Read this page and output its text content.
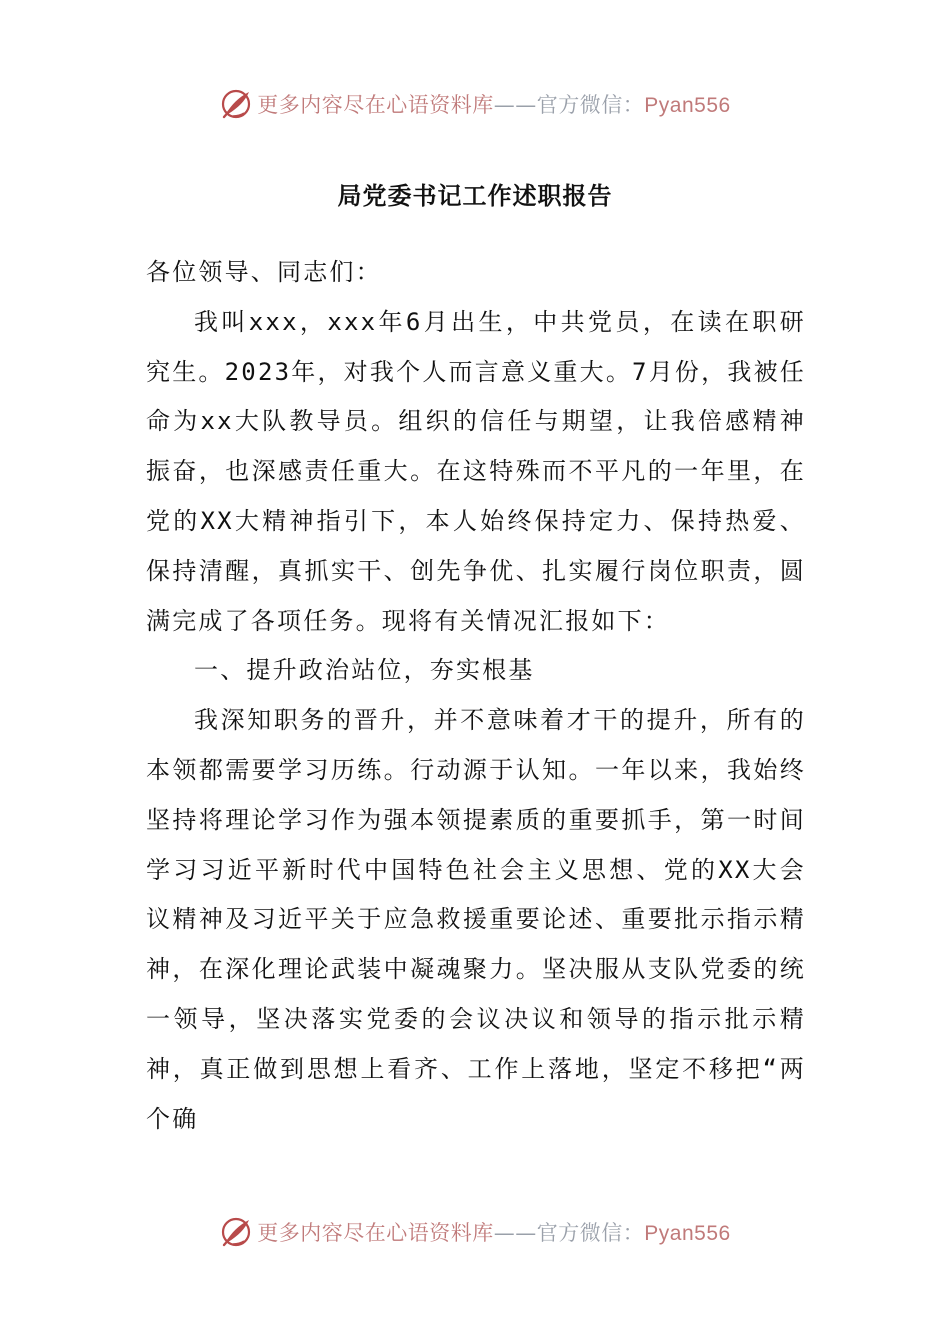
更多内容尽在心语资料库——官方微信：Pyan556
局党委书记工作述职报告

各位领导、同志们：

我叫xxx，xxx年6月出生，中共党员，在读在职研究生。2023年，对我个人而言意义重大。7月份，我被任命为xx大队教导员。组织的信任与期望，让我倍感精神振奋，也深感责任重大。在这特殊而不平凡的一年里，在党的XX大精神指引下，本人始终保持定力、保持热爱、保持清醒，真抓实干、创先争优、扎实履行岗位职责，圆满完成了各项任务。现将有关情况汇报如下：

一、提升政治站位，夯实根基

我深知职务的晋升，并不意味着才干的提升，所有的本领都需要学习历练。行动源于认知。一年以来，我始终坚持将理论学习作为强本领提素质的重要抓手，第一时间学习习近平新时代中国特色社会主义思想、党的XX大会议精神及习近平关于应急救援重要论述、重要批示指示精神，在深化理论武装中凝魂聚力。坚决服从支队党委的统一领导，坚决落实党委的会议决议和领导的指示批示精神，真正做到思想上看齐、工作上落地，坚定不移把“两个确

更多内容尽在心语资料库——官方微信：Pyan556
